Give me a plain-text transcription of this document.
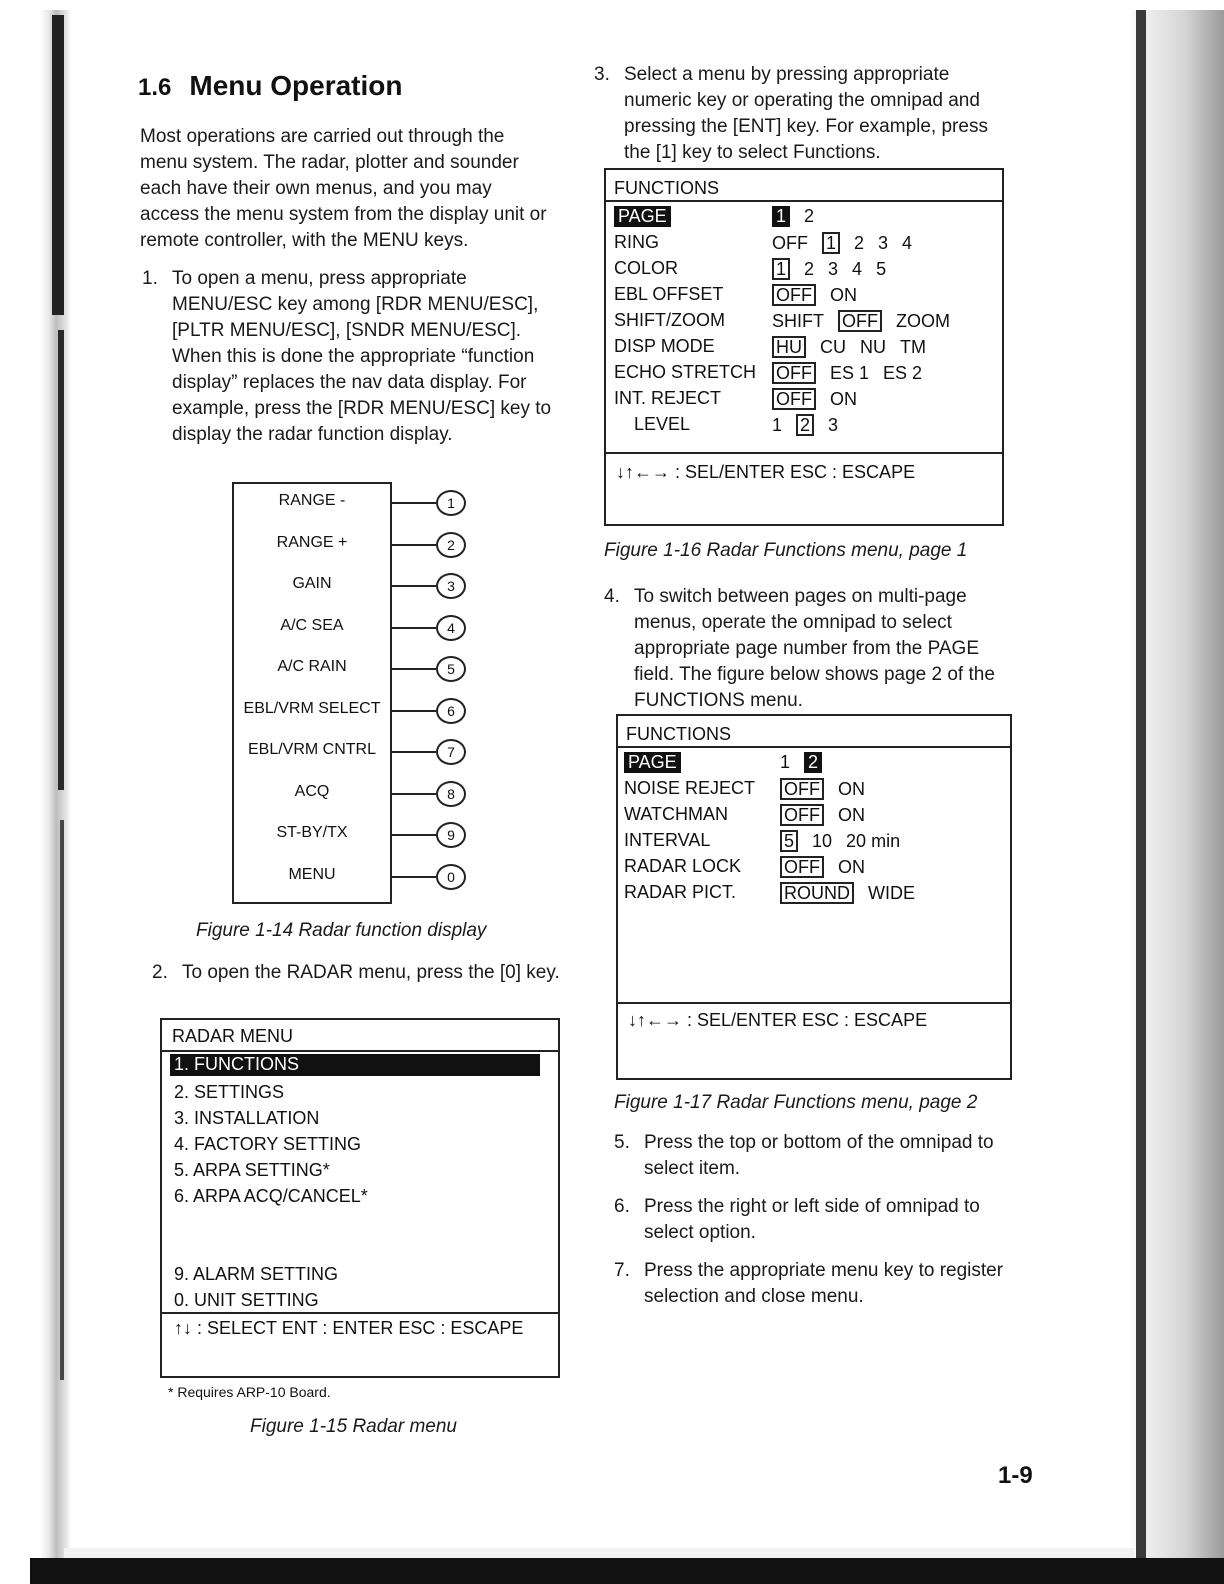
1.6 Menu Operation
Most operations are carried out through the menu system. The radar, plotter and sounder each have their own menus, and you may access the menu system from the display unit or remote controller, with the MENU keys.
1. To open a menu, press appropriate MENU/ESC key among [RDR MENU/ESC], [PLTR MENU/ESC], [SNDR MENU/ESC]. When this is done the appropriate “function display” replaces the nav data display. For example, press the [RDR MENU/ESC] key to display the radar function display.
RANGE -	1
RANGE +	2
GAIN	3
A/C SEA	4
A/C RAIN	5
EBL/VRM SELECT	6
EBL/VRM CNTRL	7
ACQ	8
ST-BY/TX	9
MENU	0
Figure 1-14 Radar function display
2. To open the RADAR menu, press the [0] key.
RADAR MENU
1. FUNCTIONS
2. SETTINGS
3. INSTALLATION
4. FACTORY SETTING
5. ARPA SETTING*
6. ARPA ACQ/CANCEL*
9. ALARM SETTING
0. UNIT SETTING
↑↓ : SELECT ENT : ENTER ESC : ESCAPE
* Requires ARP-10 Board.
Figure 1-15 Radar menu
3. Select a menu by pressing appropriate numeric key or operating the omnipad and pressing the [ENT] key. For example, press the [1] key to select Functions.
FUNCTIONS
↓↑←→ : SEL/ENTER ESC : ESCAPE
PAGE	1 2
RING	OFF 1 2 3 4
COLOR	1 2 3 4 5
EBL OFFSET	OFF ON
SHIFT/ZOOM	SHIFT OFF ZOOM
DISP MODE	HU CU NU TM
ECHO STRETCH OFF ES 1 ES 2
INT. REJECT	OFF ON
LEVEL	1 2 3
Figure 1-16 Radar Functions menu, page 1
4. To switch between pages on multi-page menus, operate the omnipad to select appropriate page number from the PAGE field. The figure below shows page 2 of the FUNCTIONS menu.
FUNCTIONS
↓↑←→ : SEL/ENTER ESC : ESCAPE
PAGE	1 2
NOISE REJECT OFF ON
WATCHMAN	OFF ON
INTERVAL	5 10 20 min
RADAR LOCK OFF ON
RADAR PICT.	ROUND WIDE
Figure 1-17 Radar Functions menu, page 2
5. Press the top or bottom of the omnipad to select item.
6. Press the right or left side of omnipad to select option.
7. Press the appropriate menu key to register selection and close menu.
1-9
